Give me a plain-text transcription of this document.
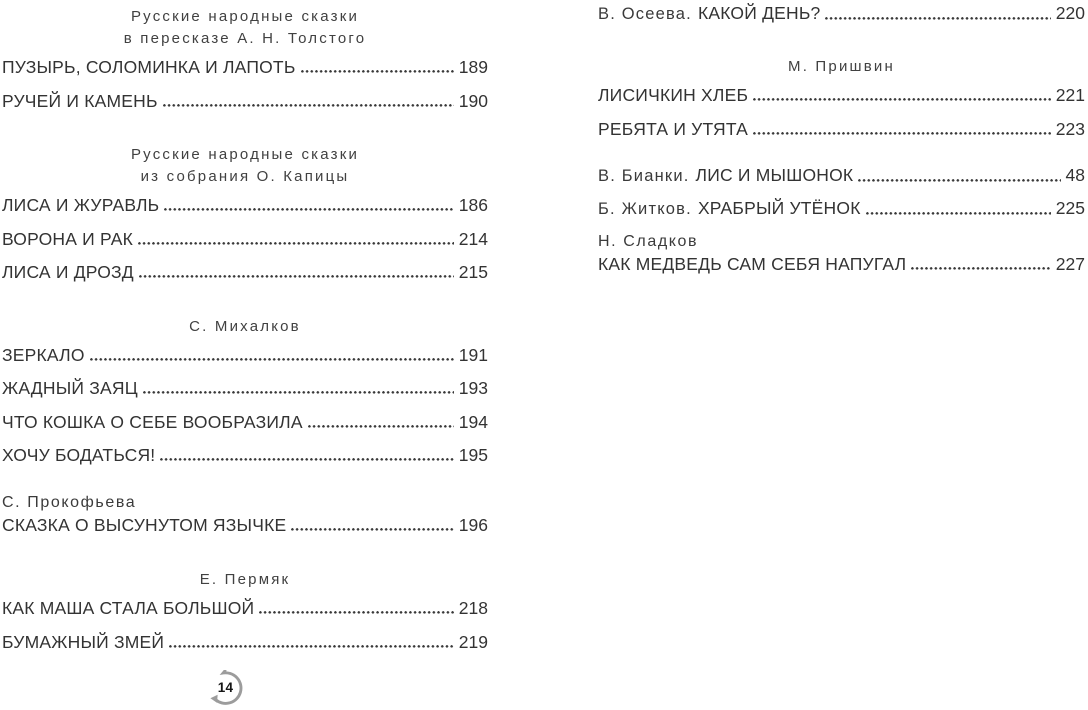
Русские народные сказки
в пересказе А. Н. Толстого
ПУЗЫРЬ, СОЛОМИНКА И ЛАПОТЬ	189
РУЧЕЙ И КАМЕНЬ	190
Русские народные сказки
из собрания О. Капицы
ЛИСА И ЖУРАВЛЬ	186
ВОРОНА И РАК	214
ЛИСА И ДРОЗД	215
С. Михалков
ЗЕРКАЛО	191
ЖАДНЫЙ ЗАЯЦ	193
ЧТО КОШКА О СЕБЕ ВООБРАЗИЛА	194
ХОЧУ БОДАТЬСЯ!	195
С. Прокофьева
СКАЗКА О ВЫСУНУТОМ ЯЗЫЧКЕ	196
Е. Пермяк
КАК МАША СТАЛА БОЛЬШОЙ	218
БУМАЖНЫЙ ЗМЕЙ	219
В. Осеева. КАКОЙ ДЕНЬ?	220
М. Пришвин
ЛИСИЧКИН ХЛЕБ	221
РЕБЯТА И УТЯТА	223
В. Бианки. ЛИС И МЫШОНОК	48
Б. Житков. ХРАБРЫЙ УТЁНОК	225
Н. Сладков
КАК МЕДВЕДЬ САМ СЕБЯ НАПУГАЛ	227
14
